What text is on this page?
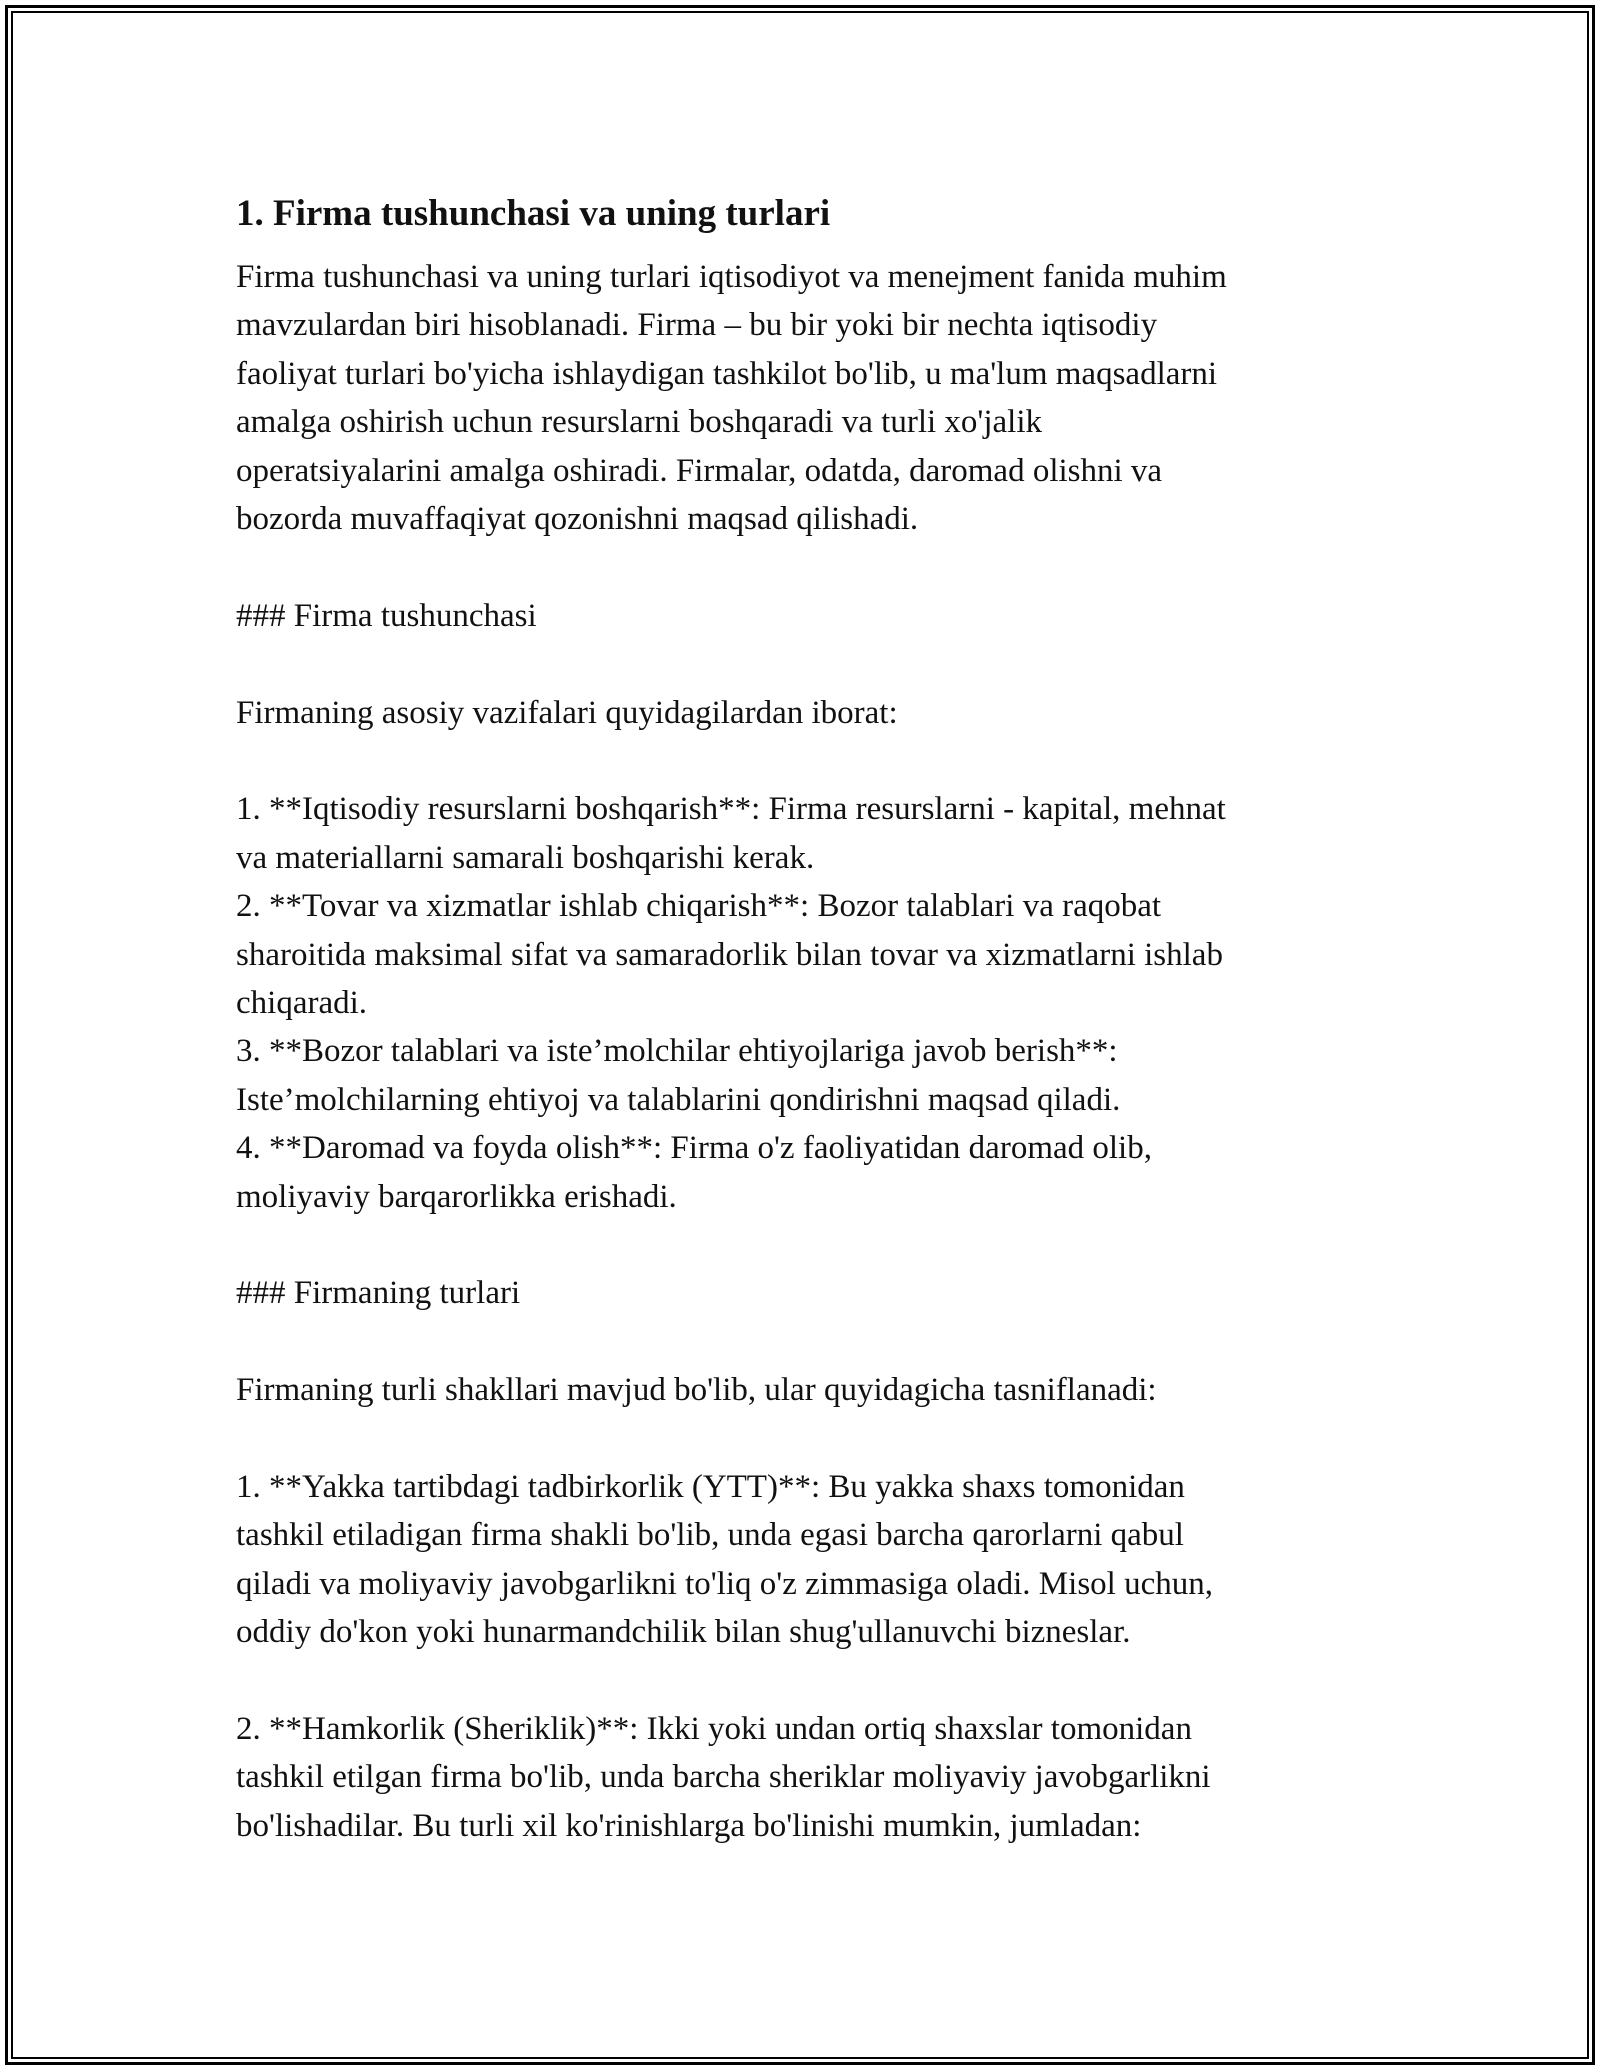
1. Firma tushunchasi va uning turlari

Firma tushunchasi va uning turlari iqtisodiyot va menejment fanida muhim
mavzulardan biri hisoblanadi. Firma – bu bir yoki bir nechta iqtisodiy
faoliyat turlari bo'yicha ishlaydigan tashkilot bo'lib, u ma'lum maqsadlarni
amalga oshirish uchun resurslarni boshqaradi va turli xo'jalik
operatsiyalarini amalga oshiradi. Firmalar, odatda, daromad olishni va
bozorda muvaffaqiyat qozonishni maqsad qilishadi.

### Firma tushunchasi

Firmaning asosiy vazifalari quyidagilardan iborat:

1. **Iqtisodiy resurslarni boshqarish**: Firma resurslarni - kapital, mehnat
va materiallarni samarali boshqarishi kerak.
2. **Tovar va xizmatlar ishlab chiqarish**: Bozor talablari va raqobat
sharoitida maksimal sifat va samaradorlik bilan tovar va xizmatlarni ishlab
chiqaradi.
3. **Bozor talablari va iste’molchilar ehtiyojlariga javob berish**:
Iste’molchilarning ehtiyoj va talablarini qondirishni maqsad qiladi.
4. **Daromad va foyda olish**: Firma o'z faoliyatidan daromad olib,
moliyaviy barqarorlikka erishadi.

### Firmaning turlari

Firmaning turli shakllari mavjud bo'lib, ular quyidagicha tasniflanadi:

1. **Yakka tartibdagi tadbirkorlik (YTT)**: Bu yakka shaxs tomonidan
tashkil etiladigan firma shakli bo'lib, unda egasi barcha qarorlarni qabul
qiladi va moliyaviy javobgarlikni to'liq o'z zimmasiga oladi. Misol uchun,
oddiy do'kon yoki hunarmandchilik bilan shug'ullanuvchi bizneslar.

2. **Hamkorlik (Sheriklik)**: Ikki yoki undan ortiq shaxslar tomonidan
tashkil etilgan firma bo'lib, unda barcha sheriklar moliyaviy javobgarlikni
bo'lishadilar. Bu turli xil ko'rinishlarga bo'linishi mumkin, jumladan:
